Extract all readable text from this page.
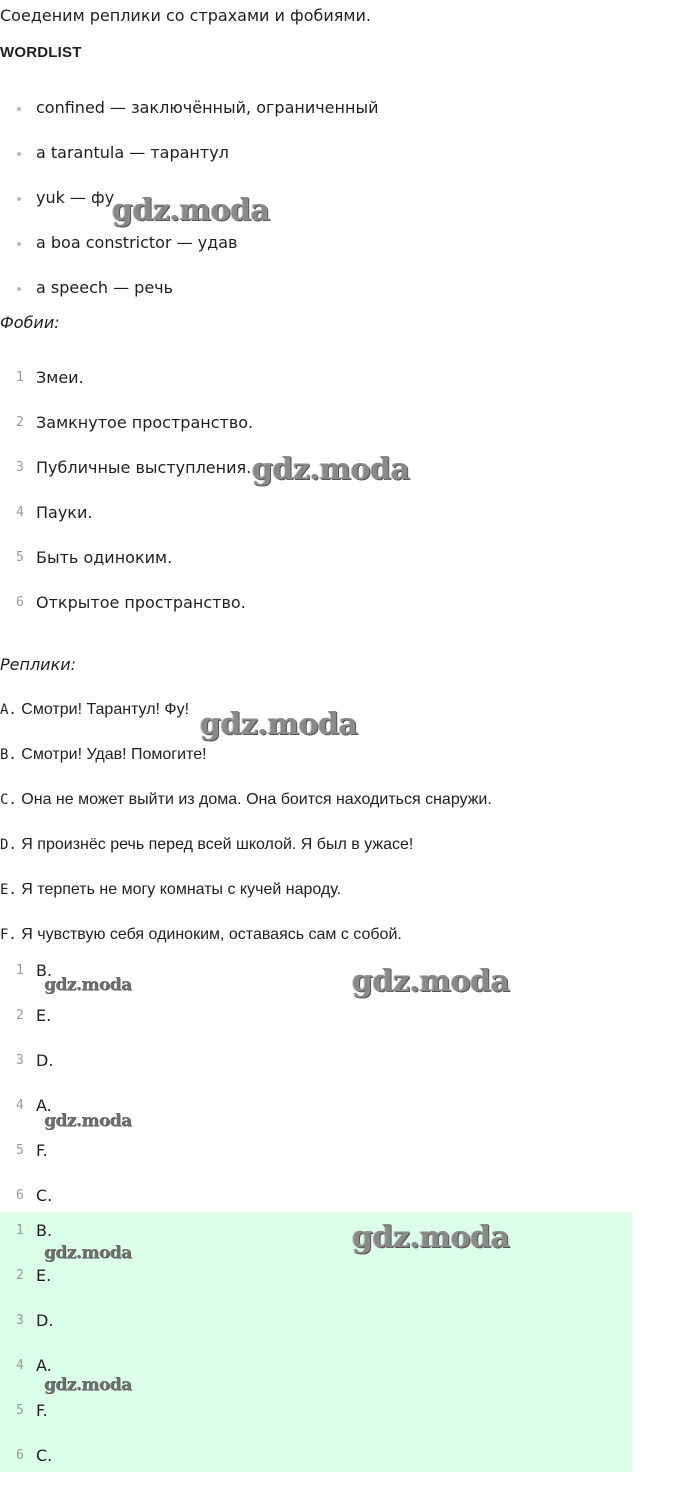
Соеденим реплики со страхами и фобиями.
WORDLIST
confined — заключённый, ограниченный
a tarantula — тарантул
yuk — фу
a boa constrictor — удав
a speech — речь
Фобии:
1 Змеи.
2 Замкнутое пространство.
3 Публичные выступления.
4 Пауки.
5 Быть одиноким.
6 Открытое пространство.
Реплики:
A. Смотри! Тарантул! Фу!
B. Смотри! Удав! Помогите!
C. Она не может выйти из дома. Она боится находиться снаружи.
D. Я произнёс речь перед всей школой. Я был в ужасе!
E. Я терпеть не могу комнаты с кучей народу.
F. Я чувствую себя одиноким, оставаясь сам с собой.
1 B.
2 E.
3 D.
4 A.
5 F.
6 C.
1 B.
2 E.
3 D.
4 A.
5 F.
6 C.
gdz.moda
gdz.moda
gdz.moda
gdz.moda
gdz.moda
gdz.moda
gdz.moda
gdz.moda
gdz.moda
